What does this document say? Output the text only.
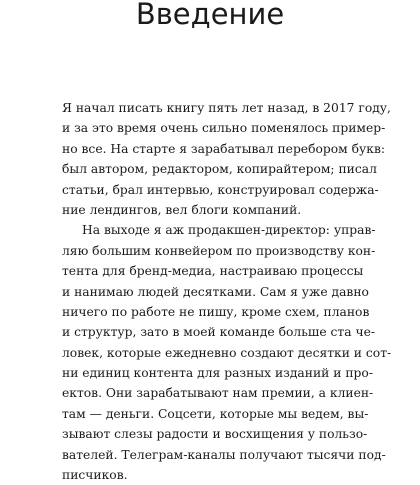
Введение
Я начал писать книгу пять лет назад, в 2017 году,
и за это время очень сильно поменялось пример-
но все. На старте я зарабатывал перебором букв:
был автором, редактором, копирайтером; писал
статьи, брал интервью, конструировал содержа-
ние лендингов, вел блоги компаний.
На выходе я аж продакшен-директор: управ-
ляю большим конвейером по производству кон-
тента для бренд-медиа, настраиваю процессы
и нанимаю людей десятками. Сам я уже давно
ничего по работе не пишу, кроме схем, планов
и структур, зато в моей команде больше ста че-
ловек, которые ежедневно создают десятки и сот-
ни единиц контента для разных изданий и про-
ектов. Они зарабатывают нам премии, а клиен-
там — деньги. Соцсети, которые мы ведем, вы-
зывают слезы радости и восхищения у пользо-
вателей. Телеграм-каналы получают тысячи под-
писчиков.
